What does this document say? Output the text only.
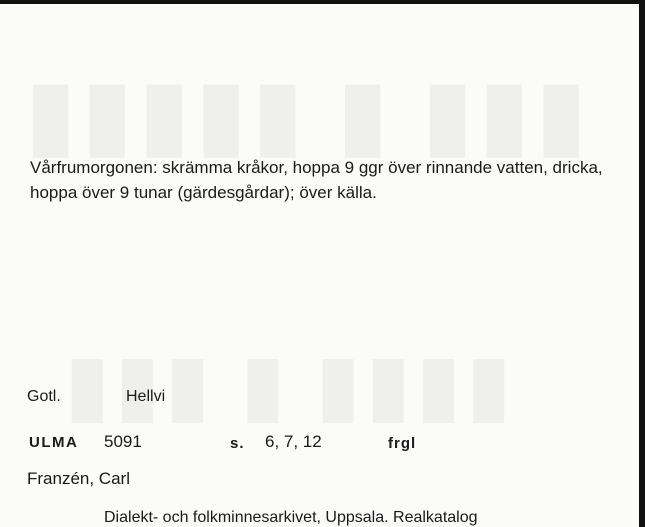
Vårfrumorgonen: skrämma kråkor, hoppa 9 ggr över rinnande vatten, dricka, hoppa över 9 tunar (gärdesgårdar); över källa.

Gotl.	Hellvi
ULMA 5091	s. 6, 7, 12	frgl
Franzén, Carl
Dialekt- och folkminnesarkivet, Uppsala. Realkatalog
